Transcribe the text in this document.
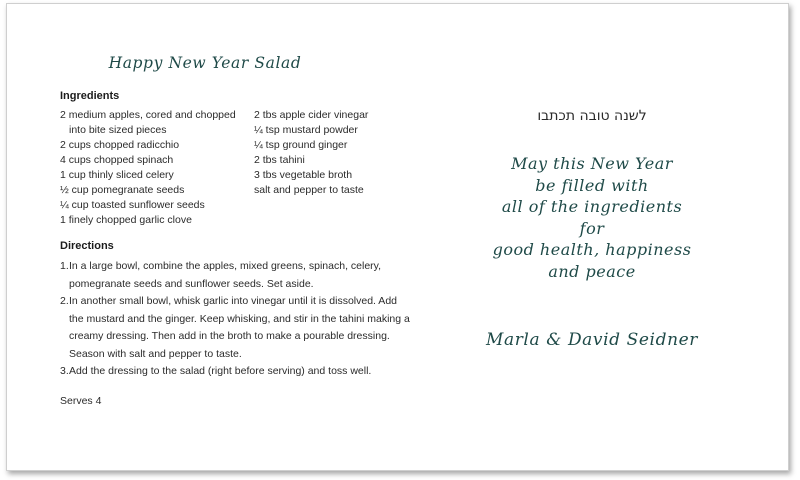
Happy New Year Salad
Ingredients
2 medium apples, cored and chopped
into bite sized pieces
2 cups chopped radicchio
4 cups chopped spinach
1 cup thinly sliced celery
½ cup pomegranate seeds
¼ cup toasted sunflower seeds
1 finely chopped garlic clove
2 tbs apple cider vinegar
¼ tsp mustard powder
¼ tsp ground ginger
2 tbs tahini
3 tbs vegetable broth
salt and pepper to taste
Directions
1. In a large bowl, combine the apples, mixed greens, spinach, celery, pomegranate seeds and sunflower seeds. Set aside.
2. In another small bowl, whisk garlic into vinegar until it is dissolved. Add the mustard and the ginger. Keep whisking, and stir in the tahini making a creamy dressing. Then add in the broth to make a pourable dressing. Season with salt and pepper to taste.
3. Add the dressing to the salad (right before serving) and toss well.
Serves 4
לשנה טובה תכתבו
May this New Year
be filled with
all of the ingredients
for
good health, happiness
and peace
Marla & David Seidner
